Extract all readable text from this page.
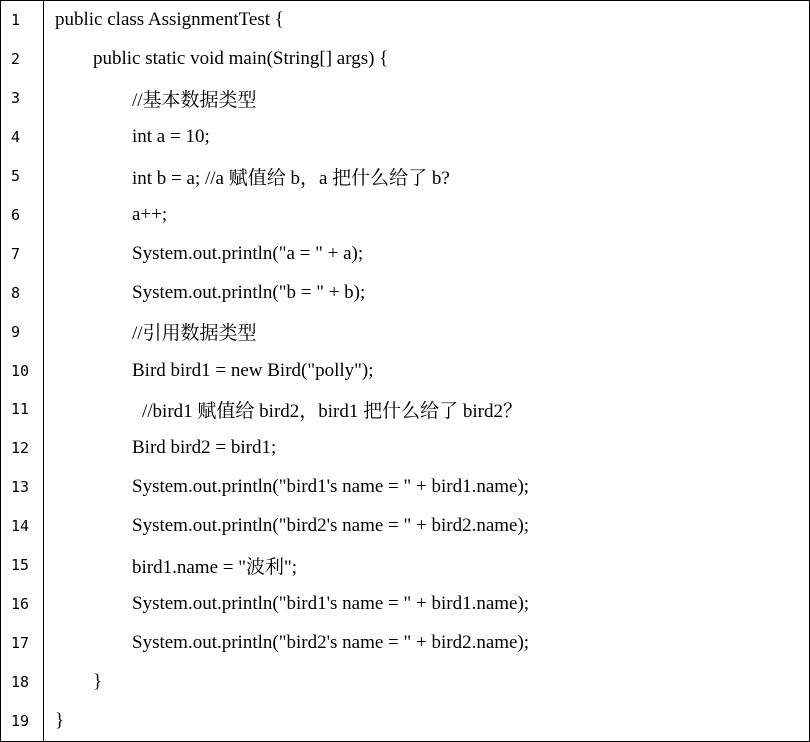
1	public class AssignmentTest {
2	public static void main(String[] args) {
3	//基本数据类型
4	int a = 10;
5	int b = a; //a 赋值给 b，a 把什么给了 b?
6	a++;
7	System.out.println("a = " + a);
8	System.out.println("b = " + b);
9	//引用数据类型
10	Bird bird1 = new Bird("polly");
11	//bird1 赋值给 bird2，bird1 把什么给了 bird2？
12	Bird bird2 = bird1;
13	System.out.println("bird1's name = " + bird1.name);
14	System.out.println("bird2's name = " + bird2.name);
15	bird1.name = "波利";
16	System.out.println("bird1's name = " + bird1.name);
17	System.out.println("bird2's name = " + bird2.name);
18	}
19	}
